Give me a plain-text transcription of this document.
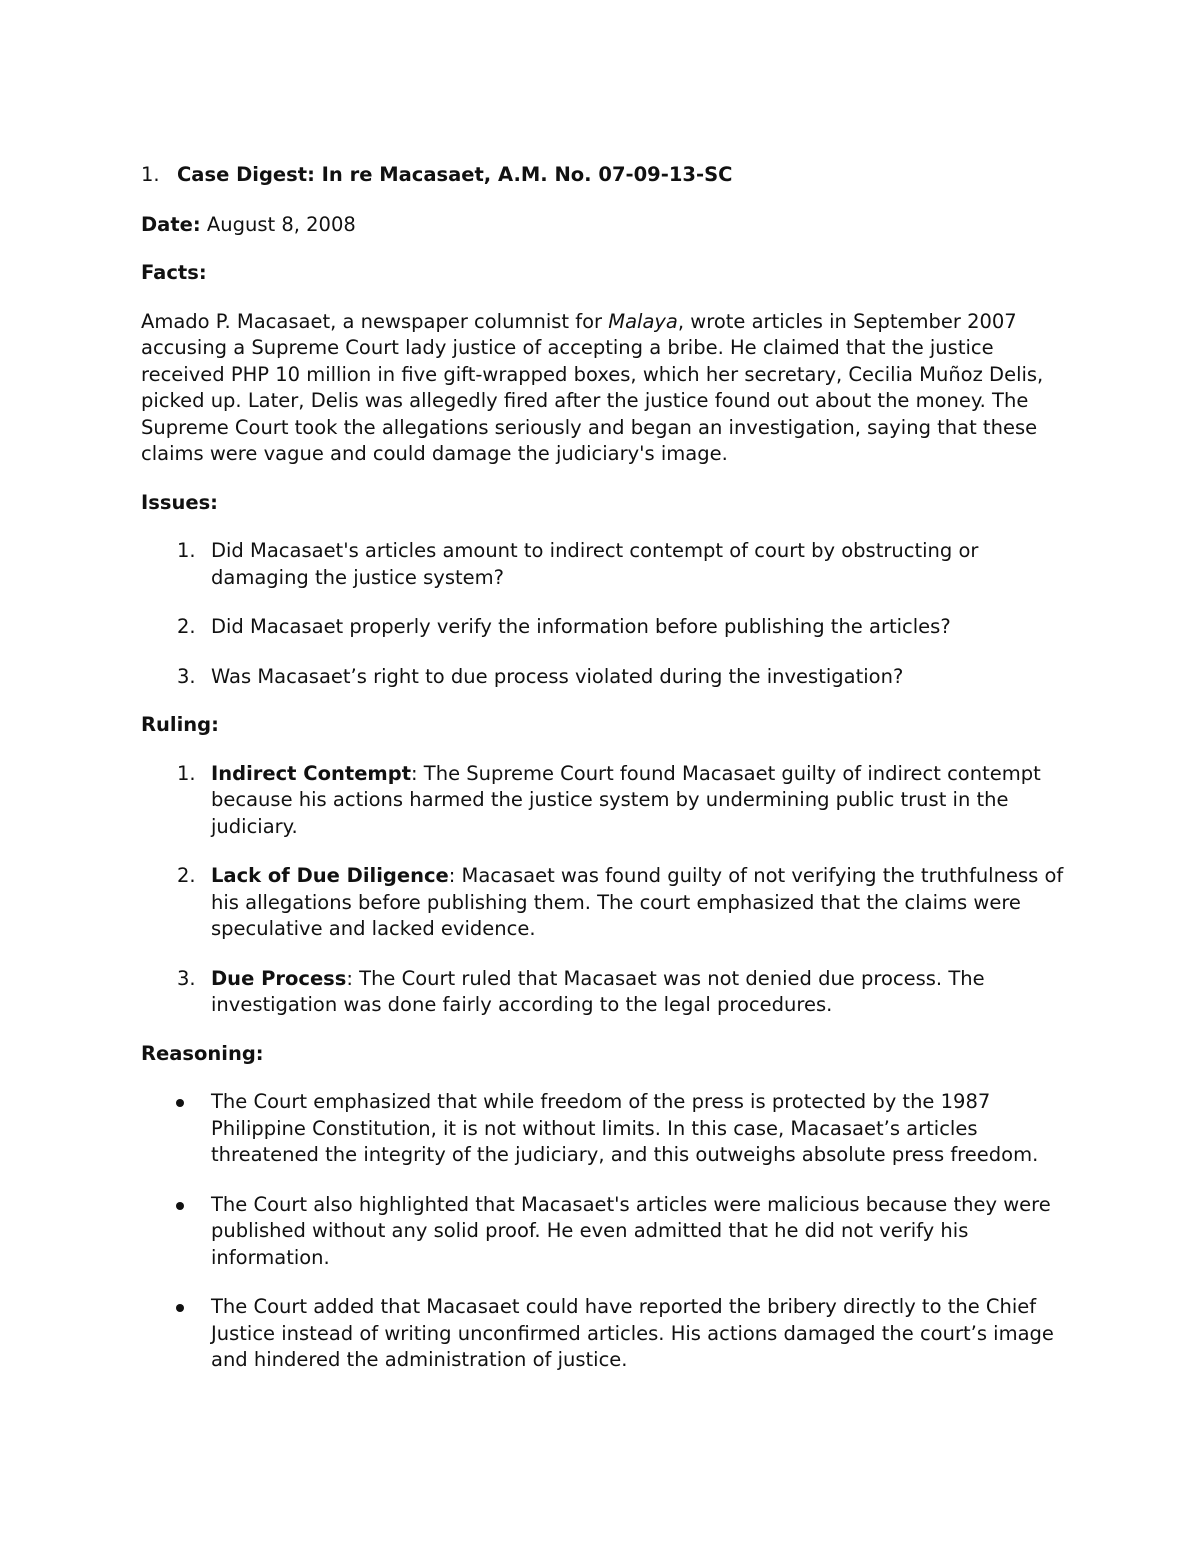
1. Case Digest: In re Macasaet, A.M. No. 07-09-13-SC

Date: August 8, 2008

Facts:

Amado P. Macasaet, a newspaper columnist for Malaya, wrote articles in September 2007 accusing a Supreme Court lady justice of accepting a bribe. He claimed that the justice received PHP 10 million in five gift-wrapped boxes, which her secretary, Cecilia Muñoz Delis, picked up. Later, Delis was allegedly fired after the justice found out about the money. The Supreme Court took the allegations seriously and began an investigation, saying that these claims were vague and could damage the judiciary's image.

Issues:

1. Did Macasaet's articles amount to indirect contempt of court by obstructing or damaging the justice system?
2. Did Macasaet properly verify the information before publishing the articles?
3. Was Macasaet’s right to due process violated during the investigation?

Ruling:

1. Indirect Contempt: The Supreme Court found Macasaet guilty of indirect contempt because his actions harmed the justice system by undermining public trust in the judiciary.
2. Lack of Due Diligence: Macasaet was found guilty of not verifying the truthfulness of his allegations before publishing them. The court emphasized that the claims were speculative and lacked evidence.
3. Due Process: The Court ruled that Macasaet was not denied due process. The investigation was done fairly according to the legal procedures.

Reasoning:

The Court emphasized that while freedom of the press is protected by the 1987 Philippine Constitution, it is not without limits. In this case, Macasaet’s articles threatened the integrity of the judiciary, and this outweighs absolute press freedom.
The Court also highlighted that Macasaet's articles were malicious because they were published without any solid proof. He even admitted that he did not verify his information.
The Court added that Macasaet could have reported the bribery directly to the Chief Justice instead of writing unconfirmed articles. His actions damaged the court’s image and hindered the administration of justice.
